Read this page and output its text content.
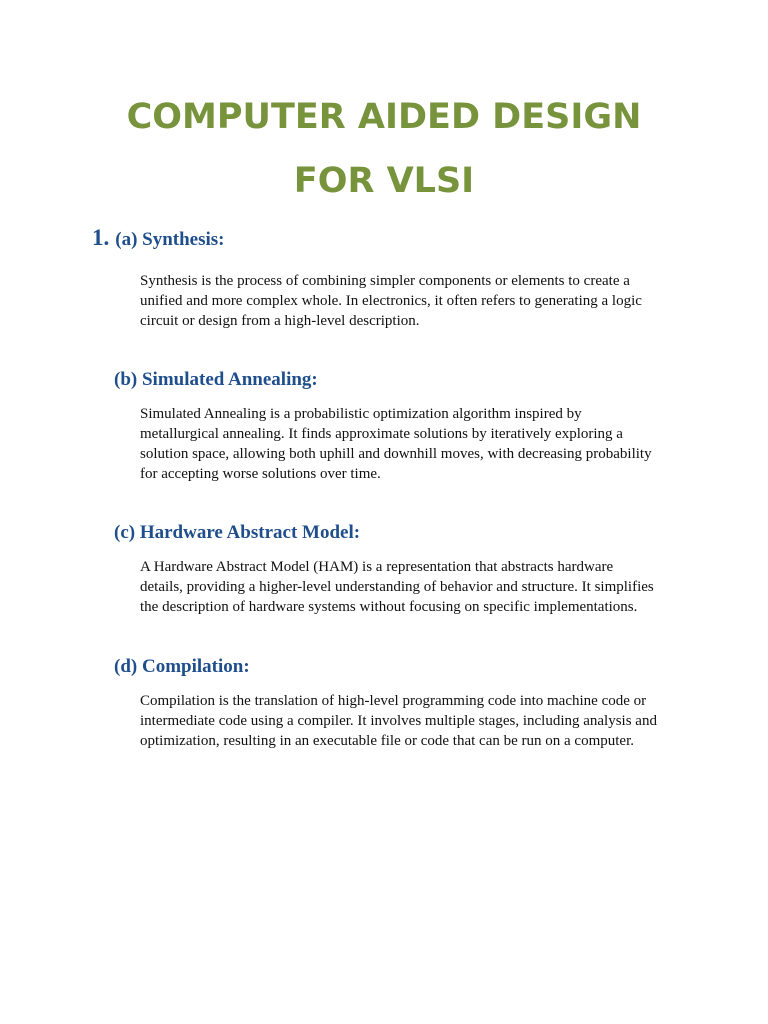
COMPUTER AIDED DESIGN
FOR VLSI
1. (a) Synthesis:
Synthesis is the process of combining simpler components or elements to create a
unified and more complex whole. In electronics, it often refers to generating a logic
circuit or design from a high-level description.
(b) Simulated Annealing:
Simulated Annealing is a probabilistic optimization algorithm inspired by
metallurgical annealing. It finds approximate solutions by iteratively exploring a
solution space, allowing both uphill and downhill moves, with decreasing probability
for accepting worse solutions over time.
(c) Hardware Abstract Model:
A Hardware Abstract Model (HAM) is a representation that abstracts hardware
details, providing a higher-level understanding of behavior and structure. It simplifies
the description of hardware systems without focusing on specific implementations.
(d) Compilation:
Compilation is the translation of high-level programming code into machine code or
intermediate code using a compiler. It involves multiple stages, including analysis and
optimization, resulting in an executable file or code that can be run on a computer.
